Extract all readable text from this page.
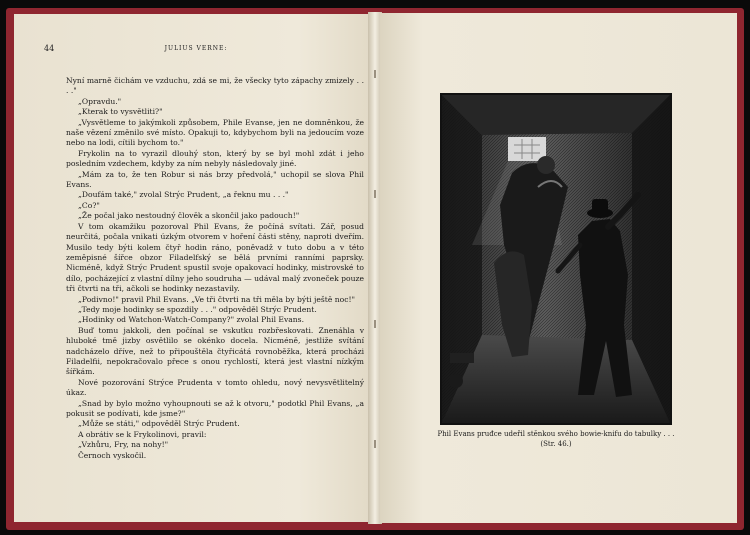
44	JULIUS VERNE:

Nyní marně čichám ve vzduchu, zdá se mi, že všecky tyto zápachy zmizely . . . ."

„Opravdu."

„Kterak to vysvětliti?"

„Vysvětleme to jakýmkoli způsobem, Phile Evanse, jen ne domněnkou, že naše vězení změnilo své místo. Opakuji to, kdybychom byli na jedoucím voze nebo na lodi, cítili bychom to."

Frykolin na to vyrazil dlouhý ston, který by se byl mohl zdát i jeho posledním vzdechem, kdyby za ním nebyly následovaly jiné.

„Mám za to, že ten Robur si nás brzy předvolá," uchopil se slova Phil Evans.

„Doufám také," zvolal Strýc Prudent, „a řeknu mu . . ."

„Co?"

„Že počal jako nestoudný člověk a skončil jako padouch!"

V tom okamžiku pozoroval Phil Evans, že počíná svítati. Zář, posud neurčitá, počala vnikati úzkým otvorem v hoření části stěny, naproti dveřím. Musilo tedy býti kolem čtyř hodin ráno, poněvadž v tuto dobu a v této zeměpisné šířce obzor Filadelfský se bělá prvními ranními paprsky. Nicméně, když Strýc Prudent spustil svoje opakovací hodinky, mistrovské to dílo, pocházející z vlastní dílny jeho soudruha — udával malý zvoneček pouze tři čtvrti na tři, ačkoli se hodinky nezastavily.

„Podivno!" pravil Phil Evans. „Ve tři čtvrti na tři měla by býti ještě noc!"

„Tedy moje hodinky se spozdily . . ." odpověděl Strýc Prudent.

„Hodinky od Watchon-Watch-Company?" zvolal Phil Evans.

Buď tomu jakkoli, den počínal se vskutku rozbřeskovati. Znenáhla v hluboké tmě jizby osvětlilo se okénko docela. Nicméně, jestliže svítání nadcházelo dříve, než to připouštěla čtyřicátá rovnoběžka, která procházi Filadelfii, nepokračovalo přece s onou rychlostí, která jest vlastní nízkým šířkám.

Nové pozorování Strýce Prudenta v tomto ohledu, nový nevysvětlitelný úkaz.

„Snad by bylo možno vyhoupnouti se až k otvoru," podotkl Phil Evans, „a pokusit se podívati, kde jsme?"

„Může se státi," odpověděl Strýc Prudent.

A obrátiv se k Frykolinovi, pravil:

„Vzhůru, Fry, na nohy!"

Černoch vyskočil.

Phil Evans pruđce udeřil stěnkou svého bowie-knifu do tabulky . . .
(Str. 46.)
